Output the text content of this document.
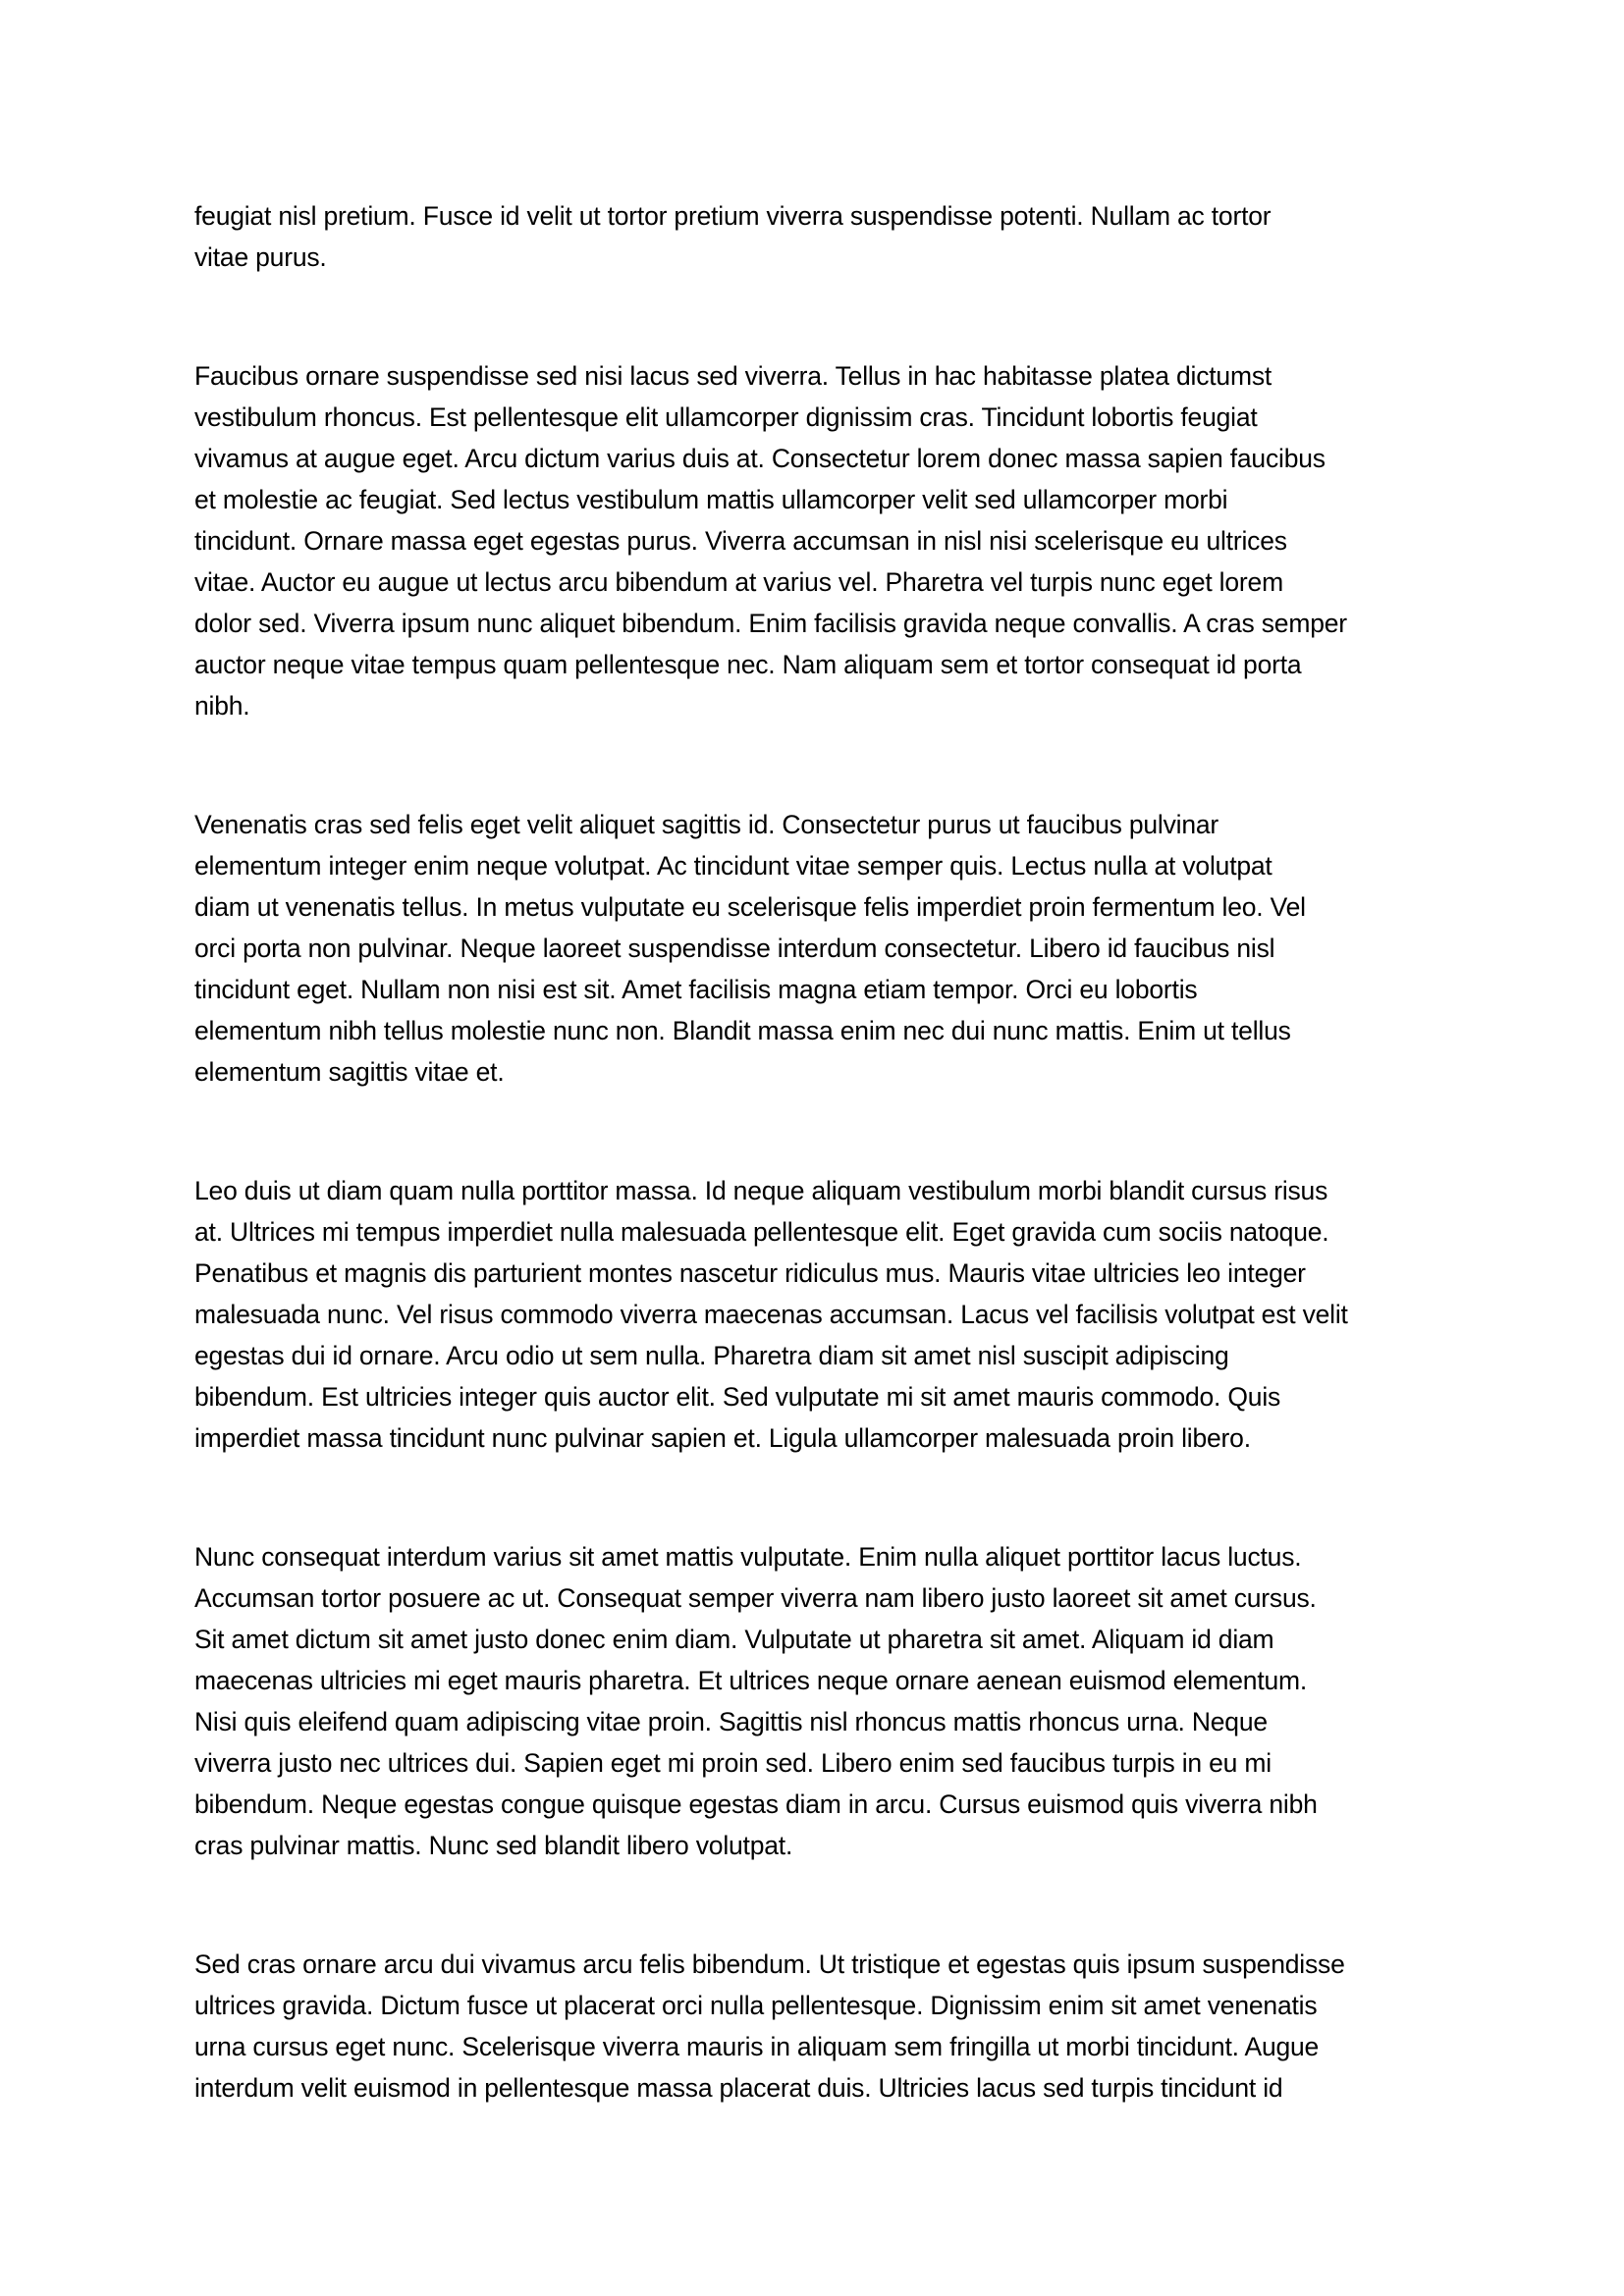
feugiat nisl pretium. Fusce id velit ut tortor pretium viverra suspendisse potenti. Nullam ac tortor
vitae purus.
Faucibus ornare suspendisse sed nisi lacus sed viverra. Tellus in hac habitasse platea dictumst
vestibulum rhoncus. Est pellentesque elit ullamcorper dignissim cras. Tincidunt lobortis feugiat
vivamus at augue eget. Arcu dictum varius duis at. Consectetur lorem donec massa sapien faucibus
et molestie ac feugiat. Sed lectus vestibulum mattis ullamcorper velit sed ullamcorper morbi
tincidunt. Ornare massa eget egestas purus. Viverra accumsan in nisl nisi scelerisque eu ultrices
vitae. Auctor eu augue ut lectus arcu bibendum at varius vel. Pharetra vel turpis nunc eget lorem
dolor sed. Viverra ipsum nunc aliquet bibendum. Enim facilisis gravida neque convallis. A cras semper
auctor neque vitae tempus quam pellentesque nec. Nam aliquam sem et tortor consequat id porta
nibh.
Venenatis cras sed felis eget velit aliquet sagittis id. Consectetur purus ut faucibus pulvinar
elementum integer enim neque volutpat. Ac tincidunt vitae semper quis. Lectus nulla at volutpat
diam ut venenatis tellus. In metus vulputate eu scelerisque felis imperdiet proin fermentum leo. Vel
orci porta non pulvinar. Neque laoreet suspendisse interdum consectetur. Libero id faucibus nisl
tincidunt eget. Nullam non nisi est sit. Amet facilisis magna etiam tempor. Orci eu lobortis
elementum nibh tellus molestie nunc non. Blandit massa enim nec dui nunc mattis. Enim ut tellus
elementum sagittis vitae et.
Leo duis ut diam quam nulla porttitor massa. Id neque aliquam vestibulum morbi blandit cursus risus
at. Ultrices mi tempus imperdiet nulla malesuada pellentesque elit. Eget gravida cum sociis natoque.
Penatibus et magnis dis parturient montes nascetur ridiculus mus. Mauris vitae ultricies leo integer
malesuada nunc. Vel risus commodo viverra maecenas accumsan. Lacus vel facilisis volutpat est velit
egestas dui id ornare. Arcu odio ut sem nulla. Pharetra diam sit amet nisl suscipit adipiscing
bibendum. Est ultricies integer quis auctor elit. Sed vulputate mi sit amet mauris commodo. Quis
imperdiet massa tincidunt nunc pulvinar sapien et. Ligula ullamcorper malesuada proin libero.
Nunc consequat interdum varius sit amet mattis vulputate. Enim nulla aliquet porttitor lacus luctus.
Accumsan tortor posuere ac ut. Consequat semper viverra nam libero justo laoreet sit amet cursus.
Sit amet dictum sit amet justo donec enim diam. Vulputate ut pharetra sit amet. Aliquam id diam
maecenas ultricies mi eget mauris pharetra. Et ultrices neque ornare aenean euismod elementum.
Nisi quis eleifend quam adipiscing vitae proin. Sagittis nisl rhoncus mattis rhoncus urna. Neque
viverra justo nec ultrices dui. Sapien eget mi proin sed. Libero enim sed faucibus turpis in eu mi
bibendum. Neque egestas congue quisque egestas diam in arcu. Cursus euismod quis viverra nibh
cras pulvinar mattis. Nunc sed blandit libero volutpat.
Sed cras ornare arcu dui vivamus arcu felis bibendum. Ut tristique et egestas quis ipsum suspendisse
ultrices gravida. Dictum fusce ut placerat orci nulla pellentesque. Dignissim enim sit amet venenatis
urna cursus eget nunc. Scelerisque viverra mauris in aliquam sem fringilla ut morbi tincidunt. Augue
interdum velit euismod in pellentesque massa placerat duis. Ultricies lacus sed turpis tincidunt id
